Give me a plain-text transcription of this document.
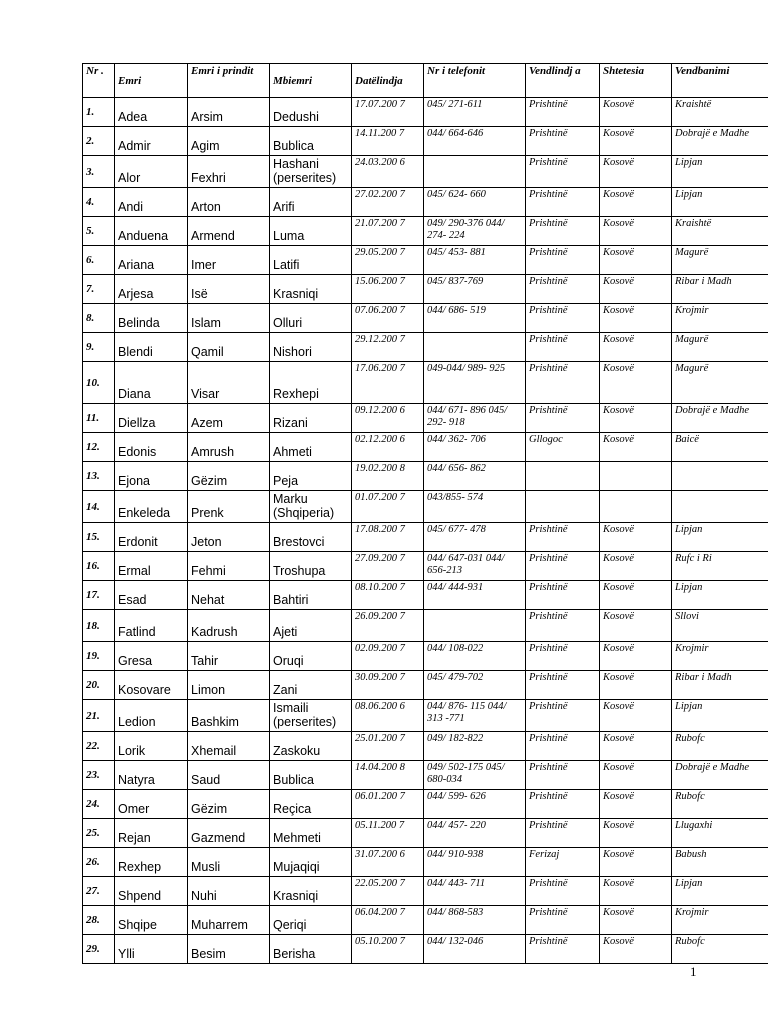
Nr .	Emri	Emri i prindit	Mbiemri	Datëlindja	Nr i telefonit	Vendlindj a	Shtetesia	Vendbanimi
1.	Adea	Arsim	Dedushi	17.07.200 7	045/ 271-611	Prishtinë	Kosovë	Kraishtë
2.	Admir	Agim	Bublica	14.11.200 7	044/ 664-646	Prishtinë	Kosovë	Dobrajë e Madhe
3.	Alor	Fexhri	Hashani (perserites)	24.03.200 6		Prishtinë	Kosovë	Lipjan
4.	Andi	Arton	Arifi	27.02.200 7	045/ 624- 660	Prishtinë	Kosovë	Lipjan
5.	Anduena	Armend	Luma	21.07.200 7	049/ 290-376 044/ 274- 224	Prishtinë	Kosovë	Kraishtë
6.	Ariana	Imer	Latifi	29.05.200 7	045/ 453- 881	Prishtinë	Kosovë	Magurë
7.	Arjesa	Isë	Krasniqi	15.06.200 7	045/ 837-769	Prishtinë	Kosovë	Ribar i Madh
8.	Belinda	Islam	Olluri	07.06.200 7	044/ 686- 519	Prishtinë	Kosovë	Krojmir
9.	Blendi	Qamil	Nishori	29.12.200 7		Prishtinë	Kosovë	Magurë
10.	Diana	Visar	Rexhepi	17.06.200 7	049-044/ 989- 925	Prishtinë	Kosovë	Magurë
11.	Diellza	Azem	Rizani	09.12.200 6	044/ 671- 896 045/ 292- 918	Prishtinë	Kosovë	Dobrajë e Madhe
12.	Edonis	Amrush	Ahmeti	02.12.200 6	044/ 362- 706	Gllogoc	Kosovë	Baicë
13.	Ejona	Gëzim	Peja	19.02.200 8	044/ 656- 862			
14.	Enkeleda	Prenk	Marku (Shqiperia)	01.07.200 7	043/855- 574			
15.	Erdonit	Jeton	Brestovci	17.08.200 7	045/ 677- 478	Prishtinë	Kosovë	Lipjan
16.	Ermal	Fehmi	Troshupa	27.09.200 7	044/ 647-031 044/ 656-213	Prishtinë	Kosovë	Rufc i Ri
17.	Esad	Nehat	Bahtiri	08.10.200 7	044/ 444-931	Prishtinë	Kosovë	Lipjan
18.	Fatlind	Kadrush	Ajeti	26.09.200 7		Prishtinë	Kosovë	Sllovi
19.	Gresa	Tahir	Oruqi	02.09.200 7	044/ 108-022	Prishtinë	Kosovë	Krojmir
20.	Kosovare	Limon	Zani	30.09.200 7	045/ 479-702	Prishtinë	Kosovë	Ribar i Madh
21.	Ledion	Bashkim	Ismaili (perserites)	08.06.200 6	044/ 876- 115 044/ 313 -771	Prishtinë	Kosovë	Lipjan
22.	Lorik	Xhemail	Zaskoku	25.01.200 7	049/ 182-822	Prishtinë	Kosovë	Rubofc
23.	Natyra	Saud	Bublica	14.04.200 8	049/ 502-175 045/ 680-034	Prishtinë	Kosovë	Dobrajë e Madhe
24.	Omer	Gëzim	Reçica	06.01.200 7	044/ 599- 626	Prishtinë	Kosovë	Rubofc
25.	Rejan	Gazmend	Mehmeti	05.11.200 7	044/ 457- 220	Prishtinë	Kosovë	Llugaxhi
26.	Rexhep	Musli	Mujaqiqi	31.07.200 6	044/ 910-938	Ferizaj	Kosovë	Babush
27.	Shpend	Nuhi	Krasniqi	22.05.200 7	044/ 443- 711	Prishtinë	Kosovë	Lipjan
28.	Shqipe	Muharrem	Qeriqi	06.04.200 7	044/ 868-583	Prishtinë	Kosovë	Krojmir
29.	Ylli	Besim	Berisha	05.10.200 7	044/ 132-046	Prishtinë	Kosovë	Rubofc
1
